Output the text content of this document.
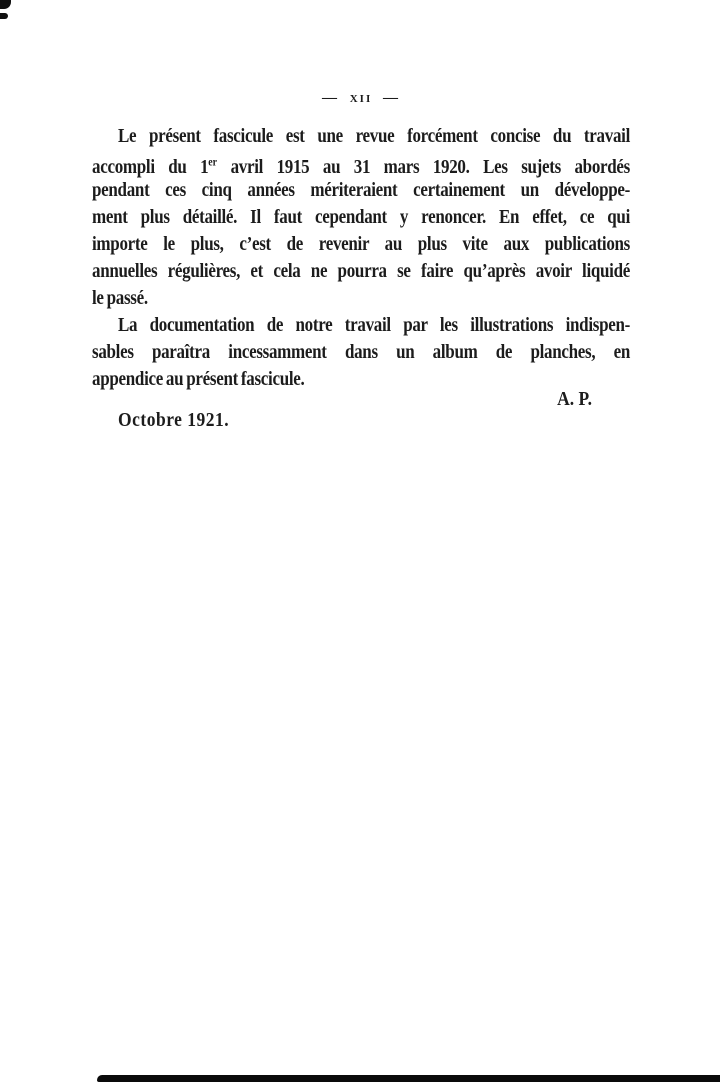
— xii —

Le présent fascicule est une revue forcément concise du travail
accompli du 1er avril 1915 au 31 mars 1920. Les sujets abordés
pendant ces cinq années mériteraient certainement un développe-
ment plus détaillé. Il faut cependant y renoncer. En effet, ce qui
importe le plus, c’est de revenir au plus vite aux publications
annuelles régulières, et cela ne pourra se faire qu’après avoir liquidé
le passé.

La documentation de notre travail par les illustrations indispen-
sables paraîtra incessamment dans un album de planches, en
appendice au présent fascicule.

A. P.
Octobre 1921.
